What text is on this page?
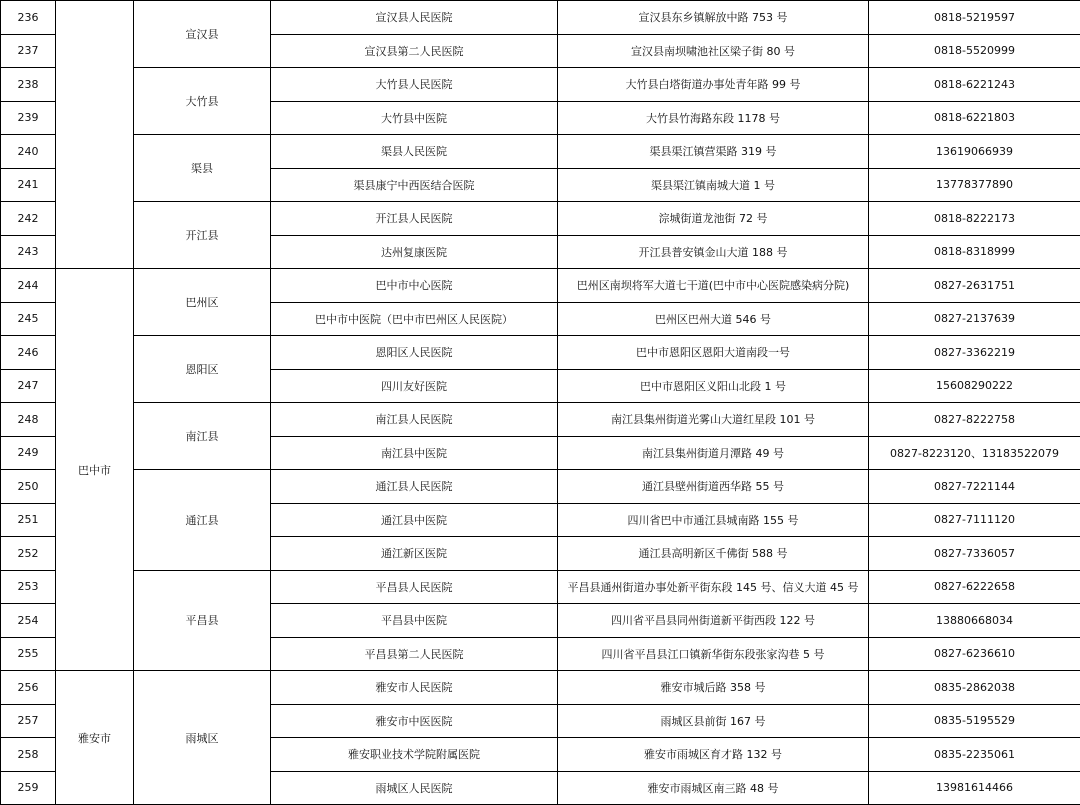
236		宣汉县	宣汉县人民医院	宣汉县东乡镇解放中路 753 号	0818-5219597
237			宣汉县第二人民医院	宣汉县南坝啸池社区梁子街 80 号	0818-5520999
238		大竹县	大竹县人民医院	大竹县白塔街道办事处青年路 99 号	0818-6221243
239			大竹县中医院	大竹县竹海路东段 1178 号	0818-6221803
240		渠县	渠县人民医院	渠县渠江镇营渠路 319 号	13619066939
241			渠县康宁中西医结合医院	渠县渠江镇南城大道 1 号	13778377890
242		开江县	开江县人民医院	淙城街道龙池街 72 号	0818-8222173
243			达州复康医院	开江县普安镇金山大道 188 号	0818-8318999
244	巴中市	巴州区	巴中市中心医院	巴州区南坝将军大道七干道(巴中市中心医院感染病分院)	0827-2631751
245			巴中市中医院（巴中市巴州区人民医院）	巴州区巴州大道 546 号	0827-2137639
246		恩阳区	恩阳区人民医院	巴中市恩阳区恩阳大道南段一号	0827-3362219
247			四川友好医院	巴中市恩阳区义阳山北段 1 号	15608290222
248		南江县	南江县人民医院	南江县集州街道光雾山大道红星段 101 号	0827-8222758
249			南江县中医院	南江县集州街道月潭路 49 号	0827-8223120、13183522079
250		通江县	通江县人民医院	通江县壁州街道西华路 55 号	0827-7221144
251			通江县中医院	四川省巴中市通江县城南路 155 号	0827-7111120
252			通江新区医院	通江县高明新区千佛街 588 号	0827-7336057
253		平昌县	平昌县人民医院	平昌县通州街道办事处新平街东段 145 号、信义大道 45 号	0827-6222658
254			平昌县中医院	四川省平昌县同州街道新平街西段 122 号	13880668034
255			平昌县第二人民医院	四川省平昌县江口镇新华街东段张家沟巷 5 号	0827-6236610
256	雅安市	雨城区	雅安市人民医院	雅安市城后路 358 号	0835-2862038
257			雅安市中医医院	雨城区县前街 167 号	0835-5195529
258			雅安职业技术学院附属医院	雅安市雨城区育才路 132 号	0835-2235061
259			雨城区人民医院	雅安市雨城区南三路 48 号	13981614466
